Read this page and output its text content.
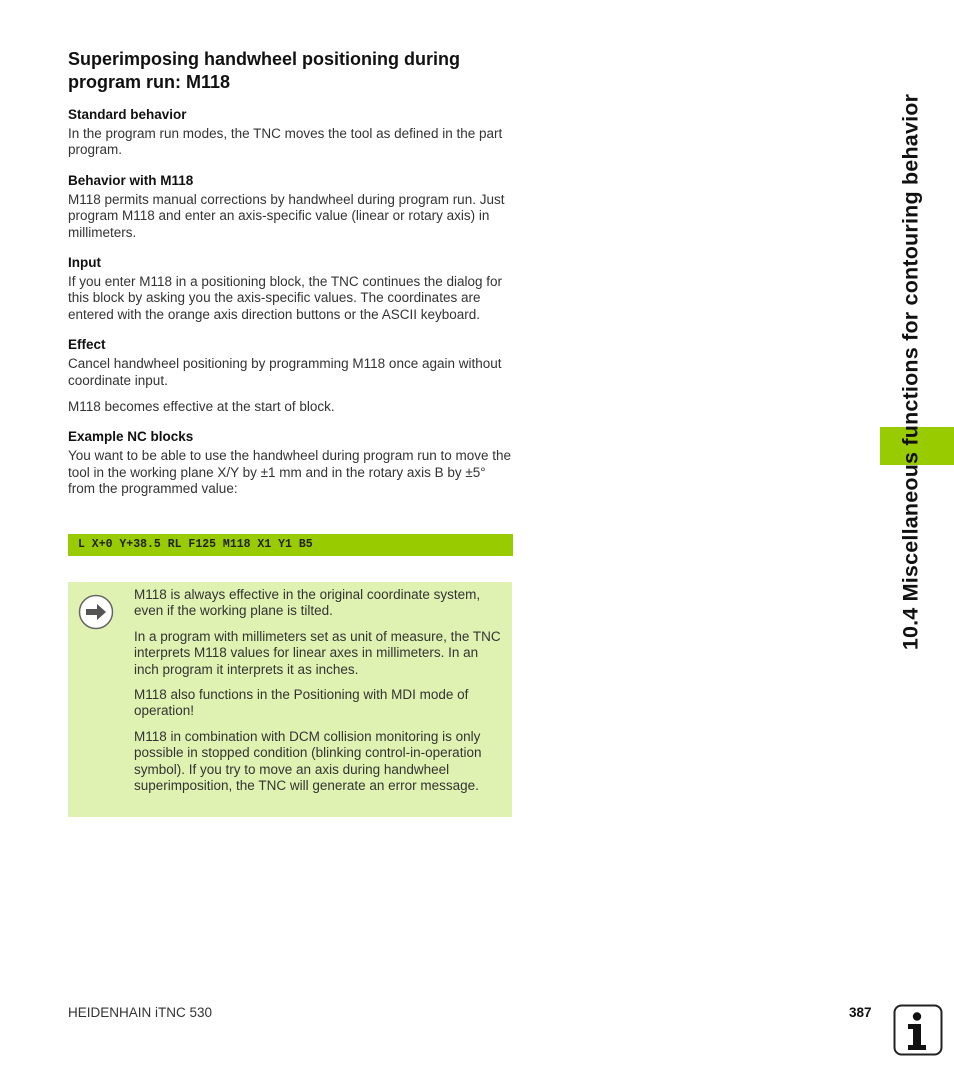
Superimposing handwheel positioning during program run: M118
Standard behavior

In the program run modes, the TNC moves the tool as defined in the part program.

Behavior with M118

M118 permits manual corrections by handwheel during program run. Just program M118 and enter an axis-specific value (linear or rotary axis) in millimeters.

Input

If you enter M118 in a positioning block, the TNC continues the dialog for this block by asking you the axis-specific values. The coordinates are entered with the orange axis direction buttons or the ASCII keyboard.

Effect

Cancel handwheel positioning by programming M118 once again without coordinate input.

M118 becomes effective at the start of block.

Example NC blocks

You want to be able to use the handwheel during program run to move the tool in the working plane X/Y by ±1 mm and in the rotary axis B by ±5° from the programmed value:

L X+0 Y+38.5 RL F125 M118 X1 Y1 B5

M118 is always effective in the original coordinate system, even if the working plane is tilted.

In a program with millimeters set as unit of measure, the TNC interprets M118 values for linear axes in millimeters. In an inch program it interprets it as inches.

M118 also functions in the Positioning with MDI mode of operation!

M118 in combination with DCM collision monitoring is only possible in stopped condition (blinking control-in-operation symbol). If you try to move an axis during handwheel superimposition, the TNC will generate an error message.

10.4 Miscellaneous functions for contouring behavior
HEIDENHAIN iTNC 530	387
